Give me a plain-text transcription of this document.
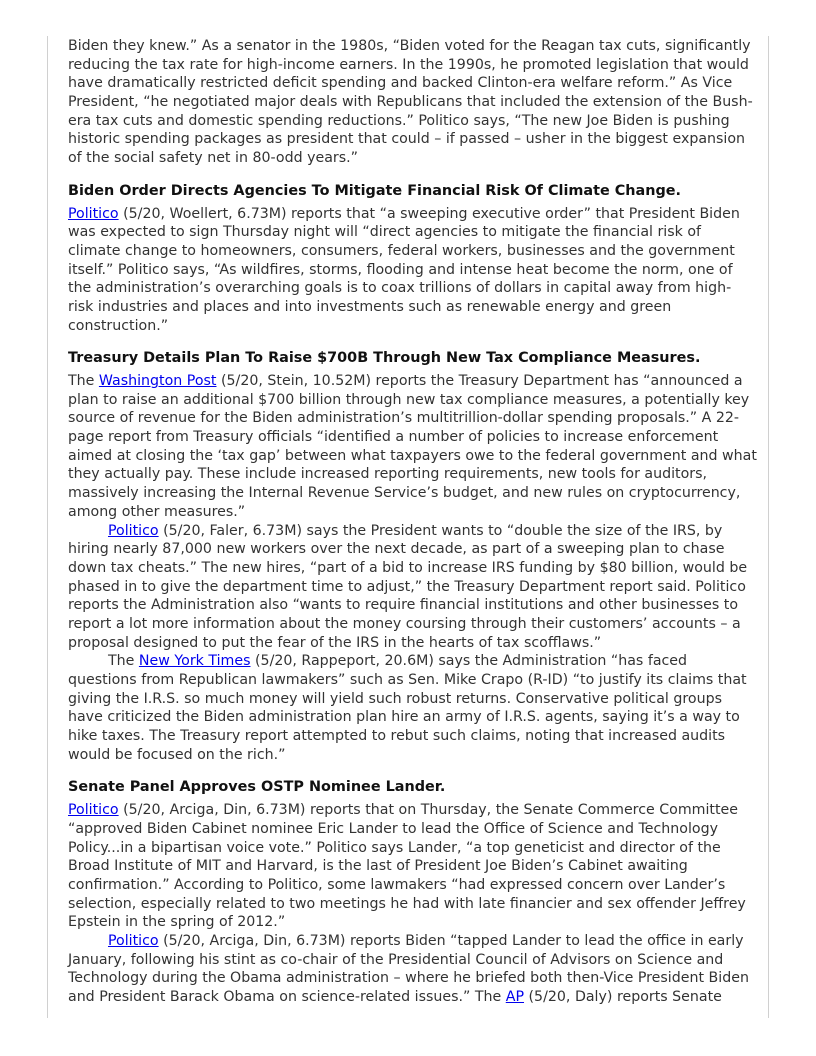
Biden they knew.” As a senator in the 1980s, “Biden voted for the Reagan tax cuts, significantly
reducing the tax rate for high-income earners. In the 1990s, he promoted legislation that would
have dramatically restricted deficit spending and backed Clinton-era welfare reform.” As Vice
President, “he negotiated major deals with Republicans that included the extension of the Bush-
era tax cuts and domestic spending reductions.” Politico says, “The new Joe Biden is pushing
historic spending packages as president that could – if passed – usher in the biggest expansion
of the social safety net in 80-odd years.”
Biden Order Directs Agencies To Mitigate Financial Risk Of Climate Change.
Politico (5/20, Woellert, 6.73M) reports that “a sweeping executive order” that President Biden
was expected to sign Thursday night will “direct agencies to mitigate the financial risk of
climate change to homeowners, consumers, federal workers, businesses and the government
itself.” Politico says, “As wildfires, storms, flooding and intense heat become the norm, one of
the administration’s overarching goals is to coax trillions of dollars in capital away from high-
risk industries and places and into investments such as renewable energy and green
construction.”
Treasury Details Plan To Raise $700B Through New Tax Compliance Measures.
The Washington Post (5/20, Stein, 10.52M) reports the Treasury Department has “announced a
plan to raise an additional $700 billion through new tax compliance measures, a potentially key
source of revenue for the Biden administration’s multitrillion-dollar spending proposals.” A 22-
page report from Treasury officials “identified a number of policies to increase enforcement
aimed at closing the ‘tax gap’ between what taxpayers owe to the federal government and what
they actually pay. These include increased reporting requirements, new tools for auditors,
massively increasing the Internal Revenue Service’s budget, and new rules on cryptocurrency,
among other measures.”
Politico (5/20, Faler, 6.73M) says the President wants to “double the size of the IRS, by
hiring nearly 87,000 new workers over the next decade, as part of a sweeping plan to chase
down tax cheats.” The new hires, “part of a bid to increase IRS funding by $80 billion, would be
phased in to give the department time to adjust,” the Treasury Department report said. Politico
reports the Administration also “wants to require financial institutions and other businesses to
report a lot more information about the money coursing through their customers’ accounts – a
proposal designed to put the fear of the IRS in the hearts of tax scofflaws.”
The New York Times (5/20, Rappeport, 20.6M) says the Administration “has faced
questions from Republican lawmakers” such as Sen. Mike Crapo (R-ID) “to justify its claims that
giving the I.R.S. so much money will yield such robust returns. Conservative political groups
have criticized the Biden administration plan hire an army of I.R.S. agents, saying it’s a way to
hike taxes. The Treasury report attempted to rebut such claims, noting that increased audits
would be focused on the rich.”
Senate Panel Approves OSTP Nominee Lander.
Politico (5/20, Arciga, Din, 6.73M) reports that on Thursday, the Senate Commerce Committee
“approved Biden Cabinet nominee Eric Lander to lead the Office of Science and Technology
Policy...in a bipartisan voice vote.” Politico says Lander, “a top geneticist and director of the
Broad Institute of MIT and Harvard, is the last of President Joe Biden’s Cabinet awaiting
confirmation.” According to Politico, some lawmakers “had expressed concern over Lander’s
selection, especially related to two meetings he had with late financier and sex offender Jeffrey
Epstein in the spring of 2012.”
Politico (5/20, Arciga, Din, 6.73M) reports Biden “tapped Lander to lead the office in early
January, following his stint as co-chair of the Presidential Council of Advisors on Science and
Technology during the Obama administration – where he briefed both then-Vice President Biden
and President Barack Obama on science-related issues.” The AP (5/20, Daly) reports Senate
